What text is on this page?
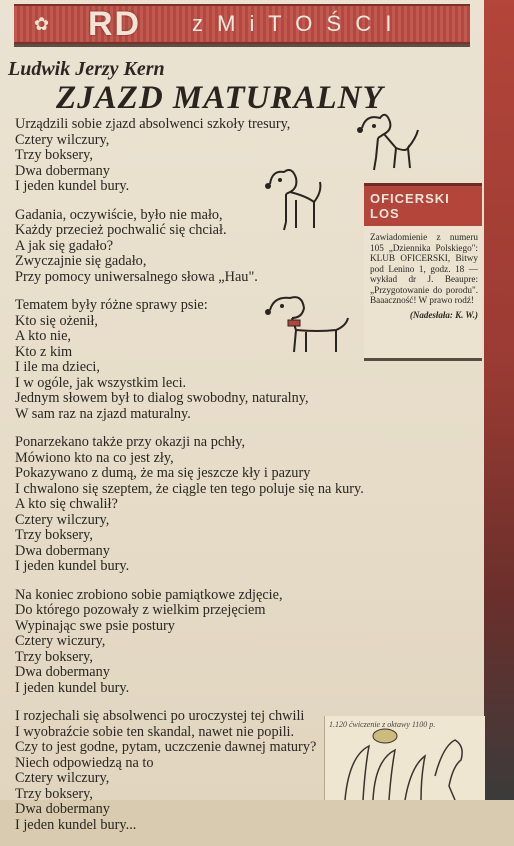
✿ RD z M i T O Ś C I
Ludwik Jerzy Kern
ZJAZD MATURALNY
Urządzili sobie zjazd absolwenci szkoły tresury,
Cztery wilczury,
Trzy boksery,
Dwa dobermany
I jeden kundel bury.
Gadania, oczywiście, było nie mało,
Każdy przecież pochwalić się chciał.
A jak się gadało?
Zwyczajnie się gadało,
Przy pomocy uniwersalnego słowa „Hau".
Tematem były różne sprawy psie:
Kto się ożenił,
A kto nie,
Kto z kim
I ile ma dzieci,
I w ogóle, jak wszystkim leci.
Jednym słowem był to dialog swobodny, naturalny,
W sam raz na zjazd maturalny.
Ponarzekano także przy okazji na pchły,
Mówiono kto na co jest zły,
Pokazywano z dumą, że ma się jeszcze kły i pazury
I chwalono się szeptem, że ciągle ten tego poluje się na kury.
A kto się chwalił?
Cztery wilczury,
Trzy boksery,
Dwa dobermany
I jeden kundel bury.
Na koniec zrobiono sobie pamiątkowe zdjęcie,
Do którego pozowały z wielkim przejęciem
Wypinając swe psie postury
Cztery wiczury,
Trzy boksery,
Dwa dobermany
I jeden kundel bury.
I rozjechali się absolwenci po uroczystej tej chwili
I wyobraźcie sobie ten skandal, nawet nie popili.
Czy to jest godne, pytam, uczczenie dawnej matury?
Niech odpowiedzą na to
Cztery wilczury,
Trzy boksery,
Dwa dobermany
I jeden kundel bury...
OFICERSKI LOS
Zawiadomienie z numeru 105 „Dziennika Polskiego": KLUB OFICERSKI, Bitwy pod Lenino 1, godz. 18 — wykład dr J. Beaupre: „Przygotowanie do porodu". Baaaczność! W prawo rodź!
(Nadesłała: K. W.)
1.120 ćwiczenie z oktawy 1100 p.
